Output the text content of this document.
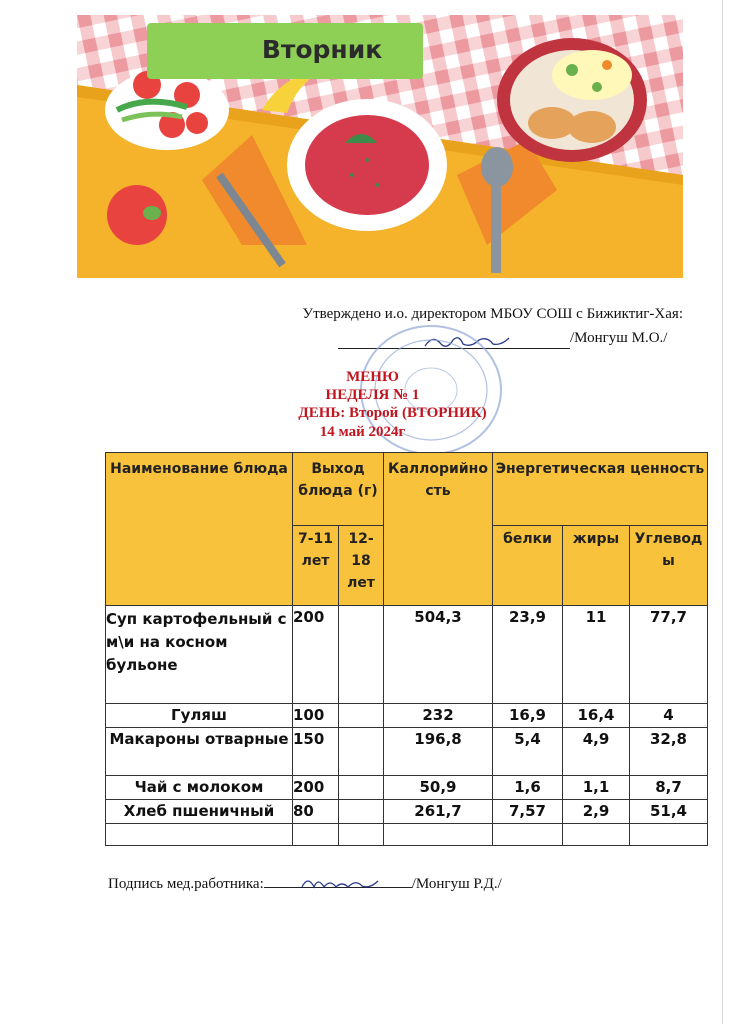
Вторник
Утверждено и.о. директором МБОУ СОШ с Бижиктиг-Хая:
/Монгуш М.О./
МЕНЮ
НЕДЕЛЯ № 1
ДЕНЬ: Второй (ВТОРНИК)
14 май 2024г
Наименование блюда	Выход блюда (г)		Каллорийность	Энергетическая ценность		
	7-11 лет	12-18 лет		белки	жиры	Углеводы
Суп картофельный с м\и на косном бульоне	200		504,3	23,9	11	77,7
Гуляш	100		232	16,9	16,4	4
Макароны отварные	150		196,8	5,4	4,9	32,8
Чай с молоком	200		50,9	1,6	1,1	8,7
Хлеб пшеничный	80		261,7	7,57	2,9	51,4

Подпись мед.работника:	/Монгуш Р.Д./
